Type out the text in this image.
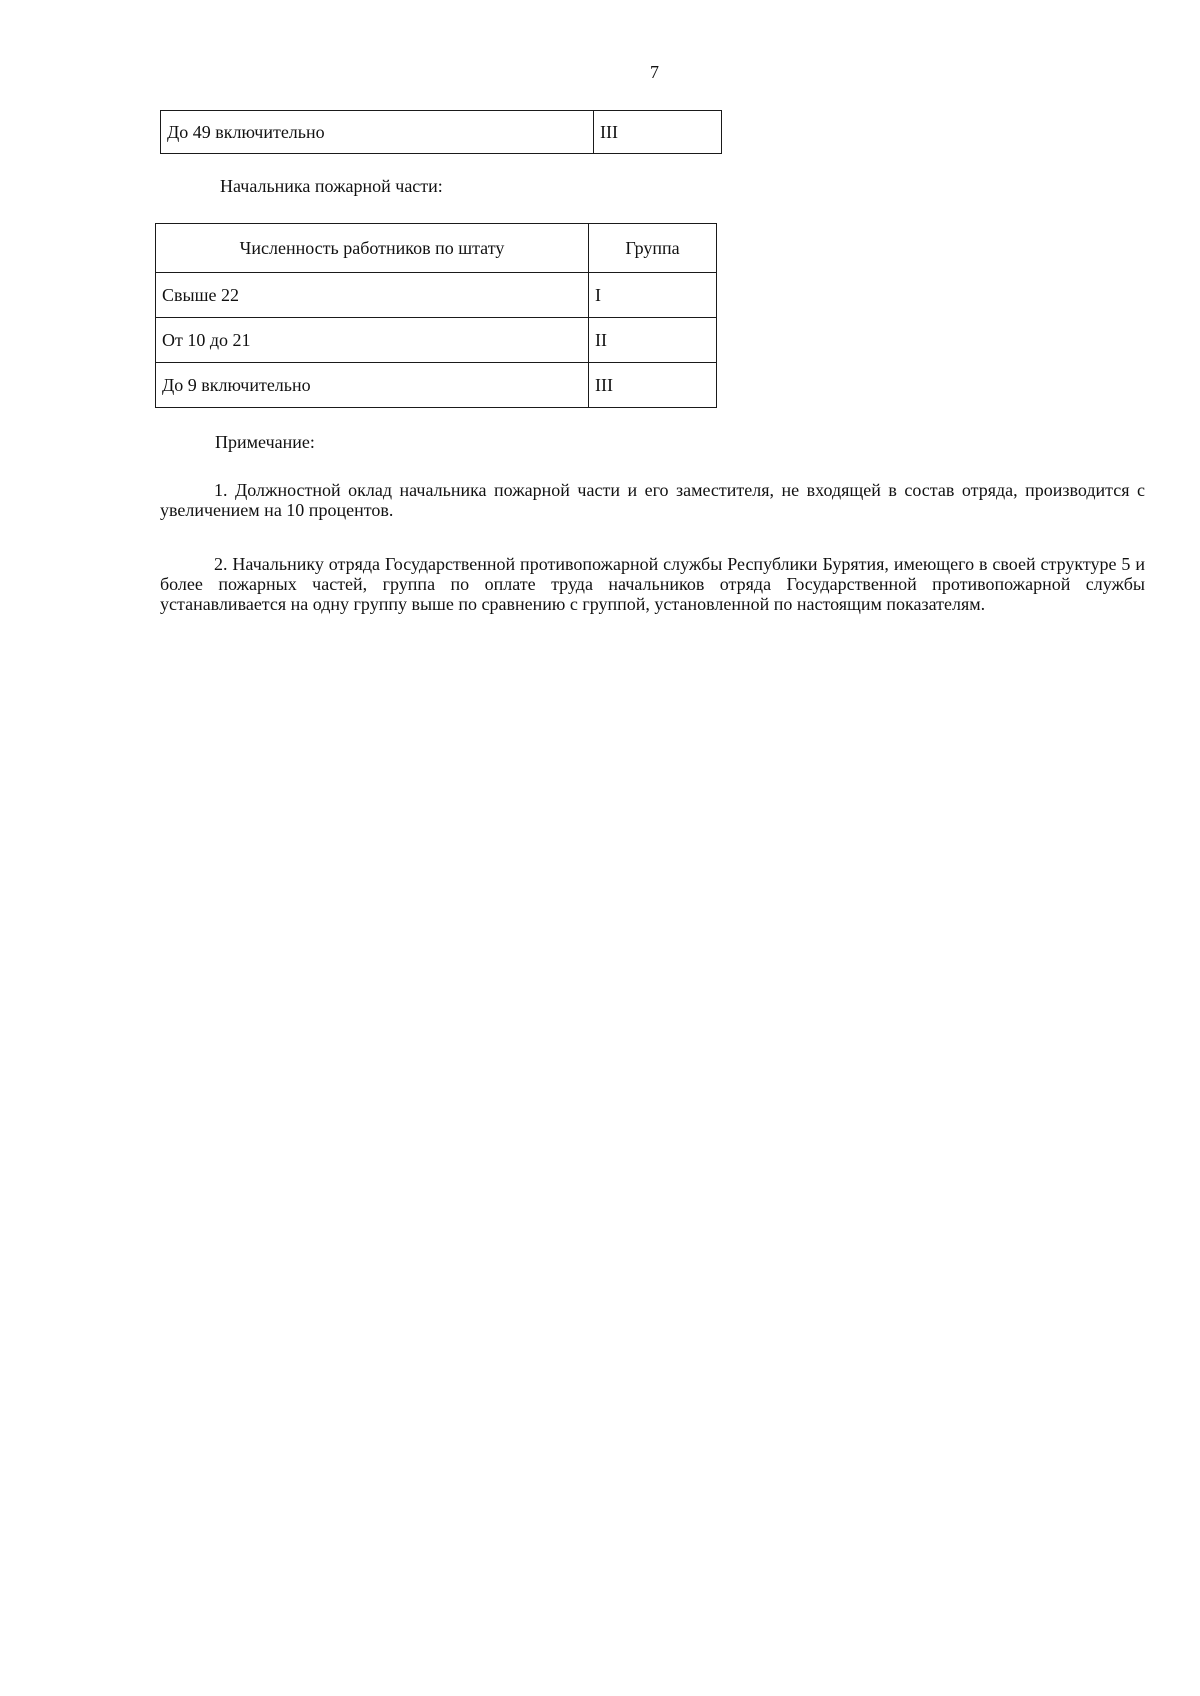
7
До 49 включительно	III
Начальника пожарной части:
Численность работников по штату	Группа
Свыше 22	I
От 10 до 21	II
До 9 включительно	III
Примечание:

1. Должностной оклад начальника пожарной части и его заместителя, не входящей в состав отряда, производится с увеличением на 10 процентов.

2. Начальнику отряда Государственной противопожарной службы Республики Бурятия, имеющего в своей структуре 5 и более пожарных частей, группа по оплате труда начальников отряда Государственной противопожарной службы устанавливается на одну группу выше по сравнению с группой, установленной по настоящим показателям.
